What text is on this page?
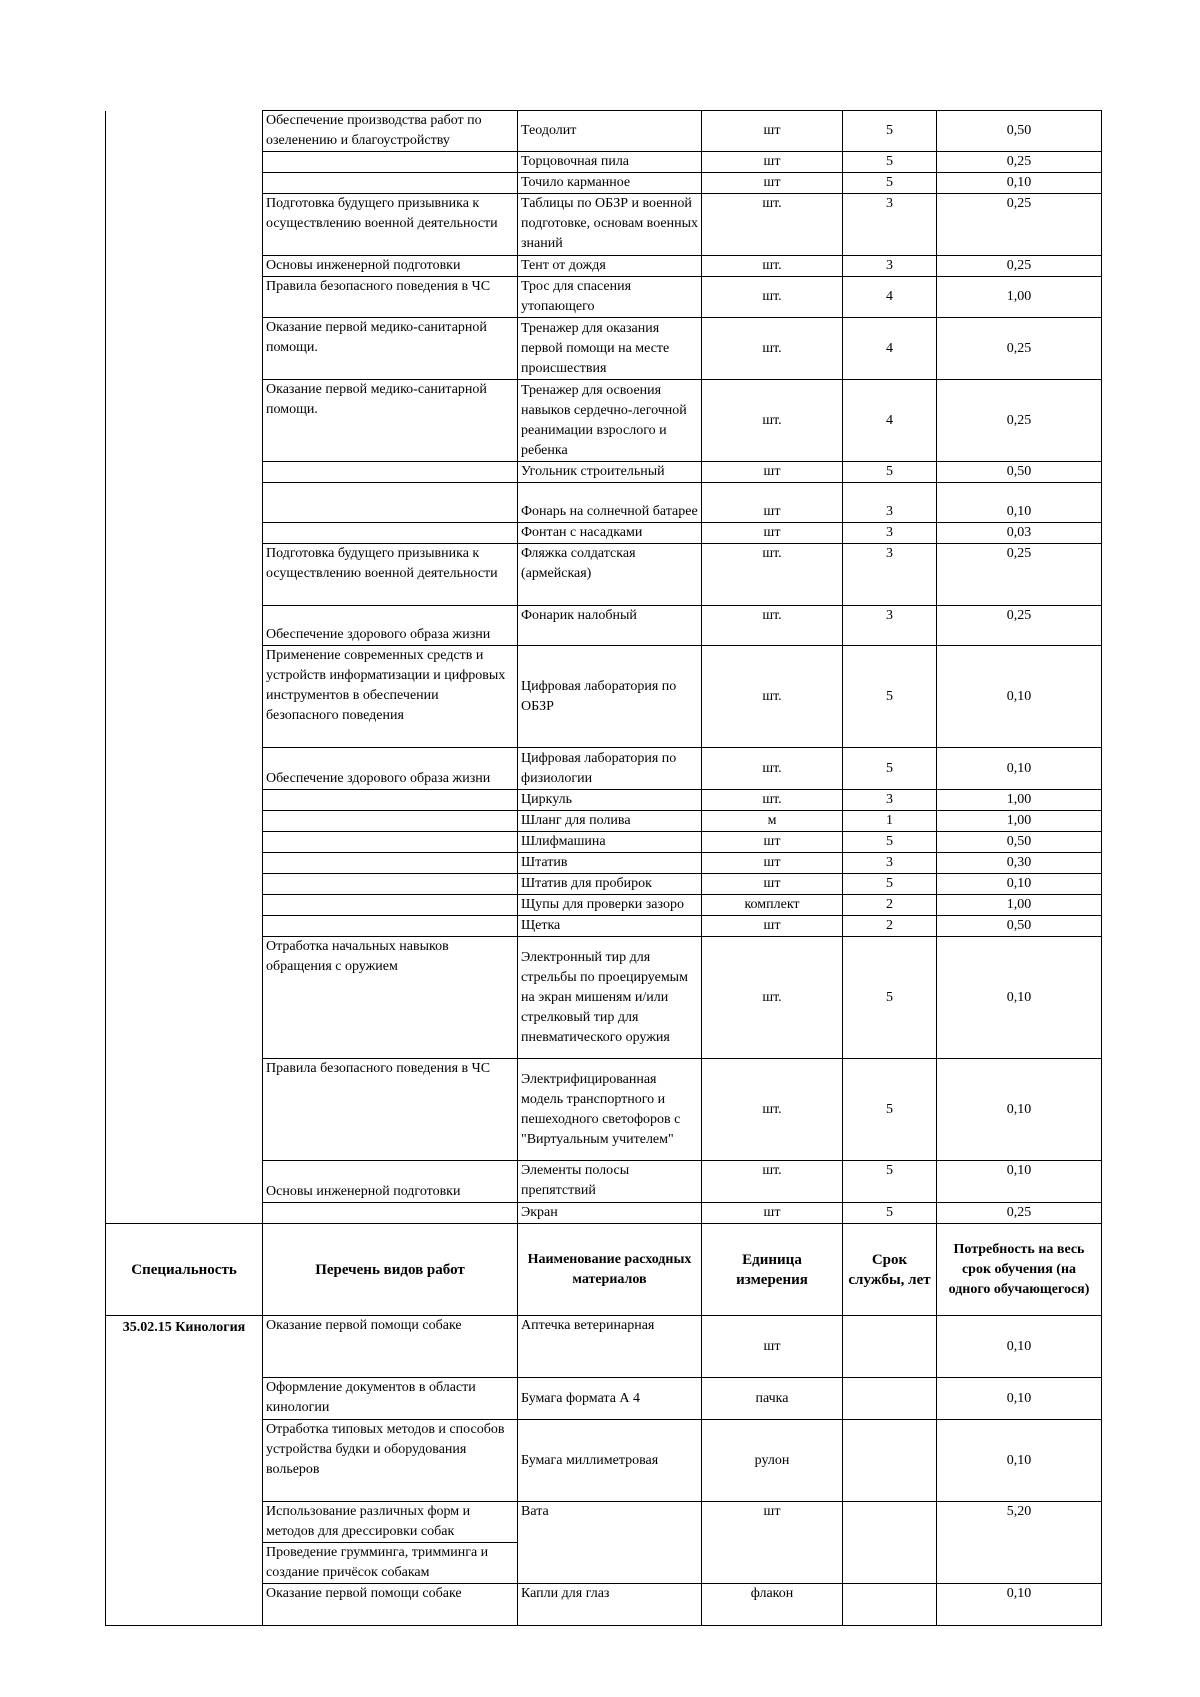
	Обеспечение производства работ по озеленению и благоустройству	Теодолит	шт	5	0,50
		Торцовочная пила	шт	5	0,25
		Точило карманное	шт	5	0,10
	Подготовка будущего призывника к осуществлению военной деятельности	Таблицы по ОБЗР и военной подготовке, основам военных знаний	шт.	3	0,25
	Основы инженерной подготовки	Тент от дождя	шт.	3	0,25
	Правила безопасного поведения в ЧС	Трос для спасения утопающего	шт.	4	1,00
	Оказание первой медико-санитарной помощи.	Тренажер для оказания первой помощи на месте происшествия	шт.	4	0,25
	Оказание первой медико-санитарной помощи.	Тренажер для освоения навыков сердечно-легочной реанимации взрослого и ребенка	шт.	4	0,25
		Угольник строительный	шт	5	0,50
		Фонарь на солнечной батарее	шт	3	0,10
		Фонтан с насадками	шт	3	0,03
	Подготовка будущего призывника к осуществлению военной деятельности	Фляжка солдатская (армейская)	шт.	3	0,25
	Обеспечение здорового образа жизни	Фонарик налобный	шт.	3	0,25
	Применение современных средств и устройств информатизации и цифровых инструментов в обеспечении безопасного поведения	Цифровая лаборатория по ОБЗР	шт.	5	0,10
	Обеспечение здорового образа жизни	Цифровая лаборатория по физиологии	шт.	5	0,10
		Циркуль	шт.	3	1,00
		Шланг для полива	м	1	1,00
		Шлифмашина	шт	5	0,50
		Штатив	шт	3	0,30
		Штатив для пробирок	шт	5	0,10
		Щупы для проверки зазоро	комплект	2	1,00
		Щетка	шт	2	0,50
	Отработка начальных навыков обращения с оружием	Электронный тир для стрельбы по проецируемым на экран мишеням и/или стрелковый тир для пневматического оружия	шт.	5	0,10
	Правила безопасного поведения в ЧС	Электрифицированная модель транспортного и пешеходного светофоров с "Виртуальным учителем"	шт.	5	0,10
	Основы инженерной подготовки	Элементы полосы препятствий	шт.	5	0,10
		Экран	шт	5	0,25
Специальность	Перечень видов работ	Наименование расходных материалов	Единица измерения	Срок службы, лет	Потребность на весь срок обучения (на одного обучающегося)
35.02.15 Кинология	Оказание первой помощи собаке	Аптечка ветеринарная	шт		0,10
	Оформление документов в области кинологии	Бумага формата А 4	пачка		0,10
	Отработка типовых методов и способов устройства будки и оборудования вольеров	Бумага миллиметровая	рулон		0,10
	Использование различных форм и методов для дрессировки собак	Вата	шт		5,20
	Проведение грумминга, тримминга и создание причёсок собакам				
	Оказание первой помощи собаке	Капли для глаз	флакон		0,10
